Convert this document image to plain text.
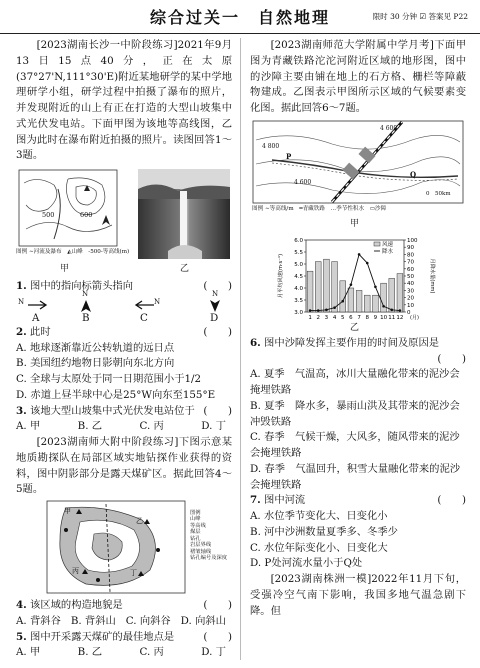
综合过关一　自然地理	限时 30 分钟 ☑ 答案见 P22
[2023湖南长沙一中阶段练习]2021年9月13日15点40分，正在太原(37°27'N,111°30'E)附近某地研学的某中学地理研学小组，研学过程中拍摄了瀑布的照片，并发现附近的山上有正在打造的大型山坡集中式光伏发电站。下面甲图为该地等高线图，乙图为此时在瀑布附近拍摄的照片。读图回答1～3题。
500	600
图例 ∼河流及瀑布　◭山峰　-500-等高线(m)
甲	乙
1. 图中的指向标箭头指向	(　　)
N
A
N
B
N
C
N
D
2. 此时	(　　)
A. 地球逐渐靠近公转轨道的远日点
B. 美国纽约地物日影朝向东北方向
C. 全球与太原处于同一日期范围小于1/2
D. 赤道上昼半球中心是25°W向东至155°E
3. 该地大型山坡集中式光伏发电站位于 (　　)
A. 甲	B. 乙	C. 丙	D. 丁
[2023湖南师大附中阶段练习]下图示意某地质勘探队在局部区域实地钻探作业获得的资料，图中阴影部分是露天煤矿区。据此回答4～5题。
甲
乙
丙	丁
图例
山峰
等高线
煤层
钻孔
岩层界线
褶皱轴线
钻孔编号及深度
4. 该区域的构造地貌是	(　　)
A. 背斜谷 B. 背斜山 C. 向斜谷 D. 向斜山
5. 图中开采露天煤矿的最佳地点是	(　　)
A. 甲	B. 乙	C. 丙	D. 丁
[2023湖南师范大学附属中学月考]下面甲图为青藏铁路沱沱河附近区域的地形图，图中的沙障主要由铺在地上的石方格、栅栏等障蔽物建成。乙图表示甲图所示区域的气候要素变化图。据此回答6～7题。
4 600
4 800
4 600
P
Q
0　50km
图例 ∼等高线/m　═青藏铁路　…季节性积水　▭沙障
甲
6.0
5.5
5.0
4.5
4.0
3.5
3.0
100
90
80
70
60
50
40
30
20
10
0
1 2 3 4 5 6 7 8 9 10 11 12 (月)
月平均风速(m·s⁻¹)	月降水量(mm)
风速
降水
乙
6. 图中沙障发挥主要作用的时间及原因是
(　　)
A. 夏季　气温高，冰川大量融化带来的泥沙会掩埋铁路
B. 夏季　降水多，暴雨山洪及其带来的泥沙会冲毁铁路
C. 春季　气候干燥，大风多，随风带来的泥沙会掩埋铁路
D. 春季　气温回升，积雪大量融化带来的泥沙会掩埋铁路
7. 图中河流	(　　)
A. 水位季节变化大、日变化小
B. 河中沙洲数量夏季多、冬季少
C. 水位年际变化小、日变化大
D. P处河流水量小于Q处
[2023湖南株洲一模]2022年11月下旬，受强冷空气南下影响，我国多地气温急剧下降。但
